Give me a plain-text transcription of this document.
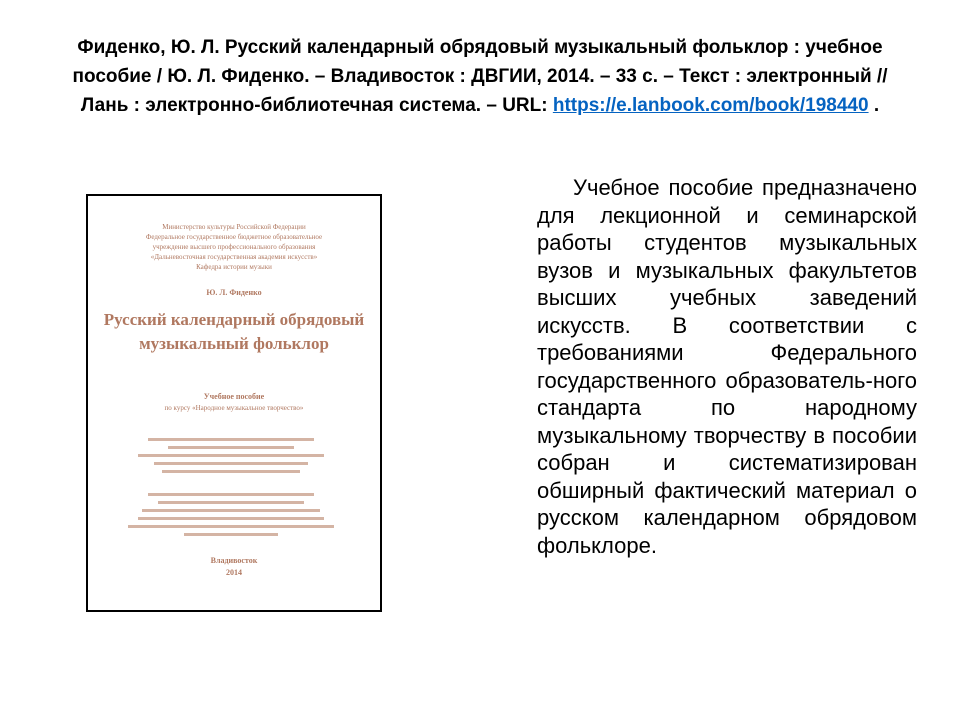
Фиденко, Ю. Л. Русский календарный обрядовый музыкальный фольклор : учебное пособие / Ю. Л. Фиденко. – Владивосток : ДВГИИ, 2014. – 33 с. – Текст : электронный // Лань : электронно-библиотечная система. – URL: https://e.lanbook.com/book/198440 .
Министерство культуры Российской Федерации
Федеральное государственное бюджетное образовательное
учреждение высшего профессионального образования
«Дальневосточная государственная академия искусств»
Кафедра истории музыки
Ю. Л. Фиденко
Русский календарный обрядовый музыкальный фольклор
Учебное пособие
по курсу «Народное музыкальное творчество»
Владивосток
2014

Учебное пособие предназначено для лекционной и семинарской работы студентов музыкальных вузов и музыкальных факультетов высших учебных заведений искусств. В соответствии с требованиями Федерального государственного образователь-ного стандарта по народному музыкальному творчеству в пособии собран и систематизирован обширный фактический материал о русском календарном обрядовом фольклоре.
